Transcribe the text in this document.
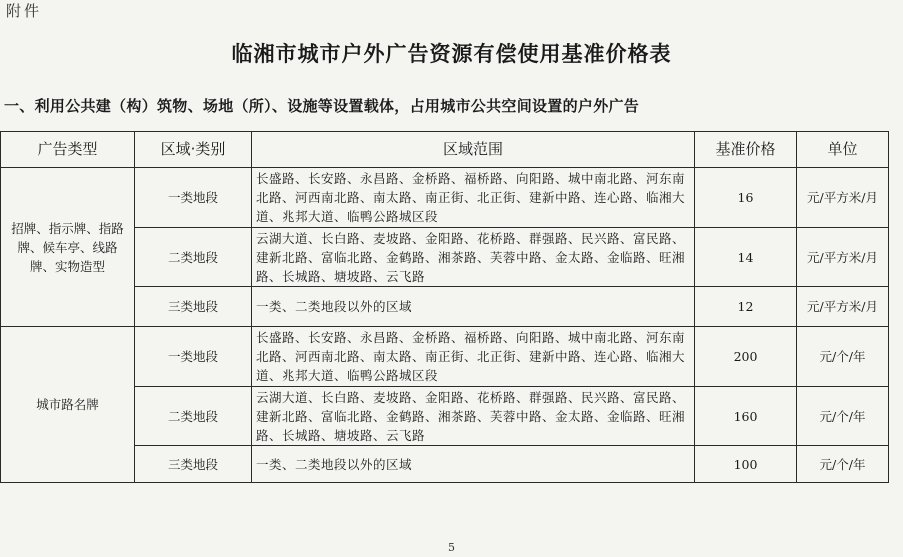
附件
临湘市城市户外广告资源有偿使用基准价格表
一、利用公共建（构）筑物、场地（所）、设施等设置载体，占用城市公共空间设置的户外广告
广告类型	区域·类别	区域范围	基准价格	单位
招牌、指示牌、指路牌、候车亭、线路牌、实物造型	一类地段	长盛路、长安路、永昌路、金桥路、福桥路、向阳路、城中南北路、河东南北路、河西南北路、南太路、南正街、北正街、建新中路、连心路、临湘大道、兆邦大道、临鸭公路城区段	16	元/平方米/月
	二类地段	云湖大道、长白路、麦坡路、金阳路、花桥路、群强路、民兴路、富民路、建新北路、富临北路、金鹤路、湘茶路、芙蓉中路、金太路、金临路、旺湘路、长城路、塘坡路、云飞路	14	元/平方米/月
	三类地段	一类、二类地段以外的区域	12	元/平方米/月
城市路名牌	一类地段	长盛路、长安路、永昌路、金桥路、福桥路、向阳路、城中南北路、河东南北路、河西南北路、南太路、南正街、北正街、建新中路、连心路、临湘大道、兆邦大道、临鸭公路城区段	200	元/个/年
	二类地段	云湖大道、长白路、麦坡路、金阳路、花桥路、群强路、民兴路、富民路、建新北路、富临北路、金鹤路、湘茶路、芙蓉中路、金太路、金临路、旺湘路、长城路、塘坡路、云飞路	160	元/个/年
	三类地段	一类、二类地段以外的区域	100	元/个/年
5
